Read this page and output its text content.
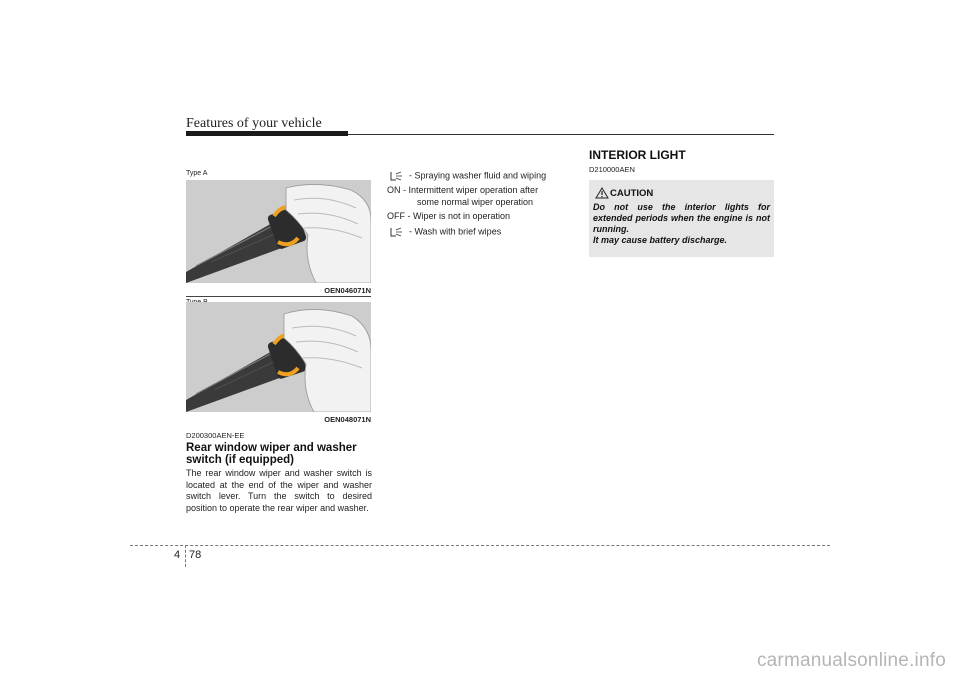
Features of your vehicle
Type A
OEN046071N
OEN048071N
D200300AEN-EE
Rear window wiper and washer switch (if equipped)
The rear window wiper and washer switch is located at the end of the wiper and washer switch lever. Turn the switch to desired position to operate the rear wiper and washer.
- Spraying washer fluid and wiping
ON - Intermittent wiper operation after
some normal wiper operation
OFF - Wiper is not in operation
- Wash with brief wipes
INTERIOR LIGHT
D210000AEN
CAUTION
Do not use the interior lights for extended periods when the engine is not running.
It may cause battery discharge.
4 78
carmanualsonline.info
